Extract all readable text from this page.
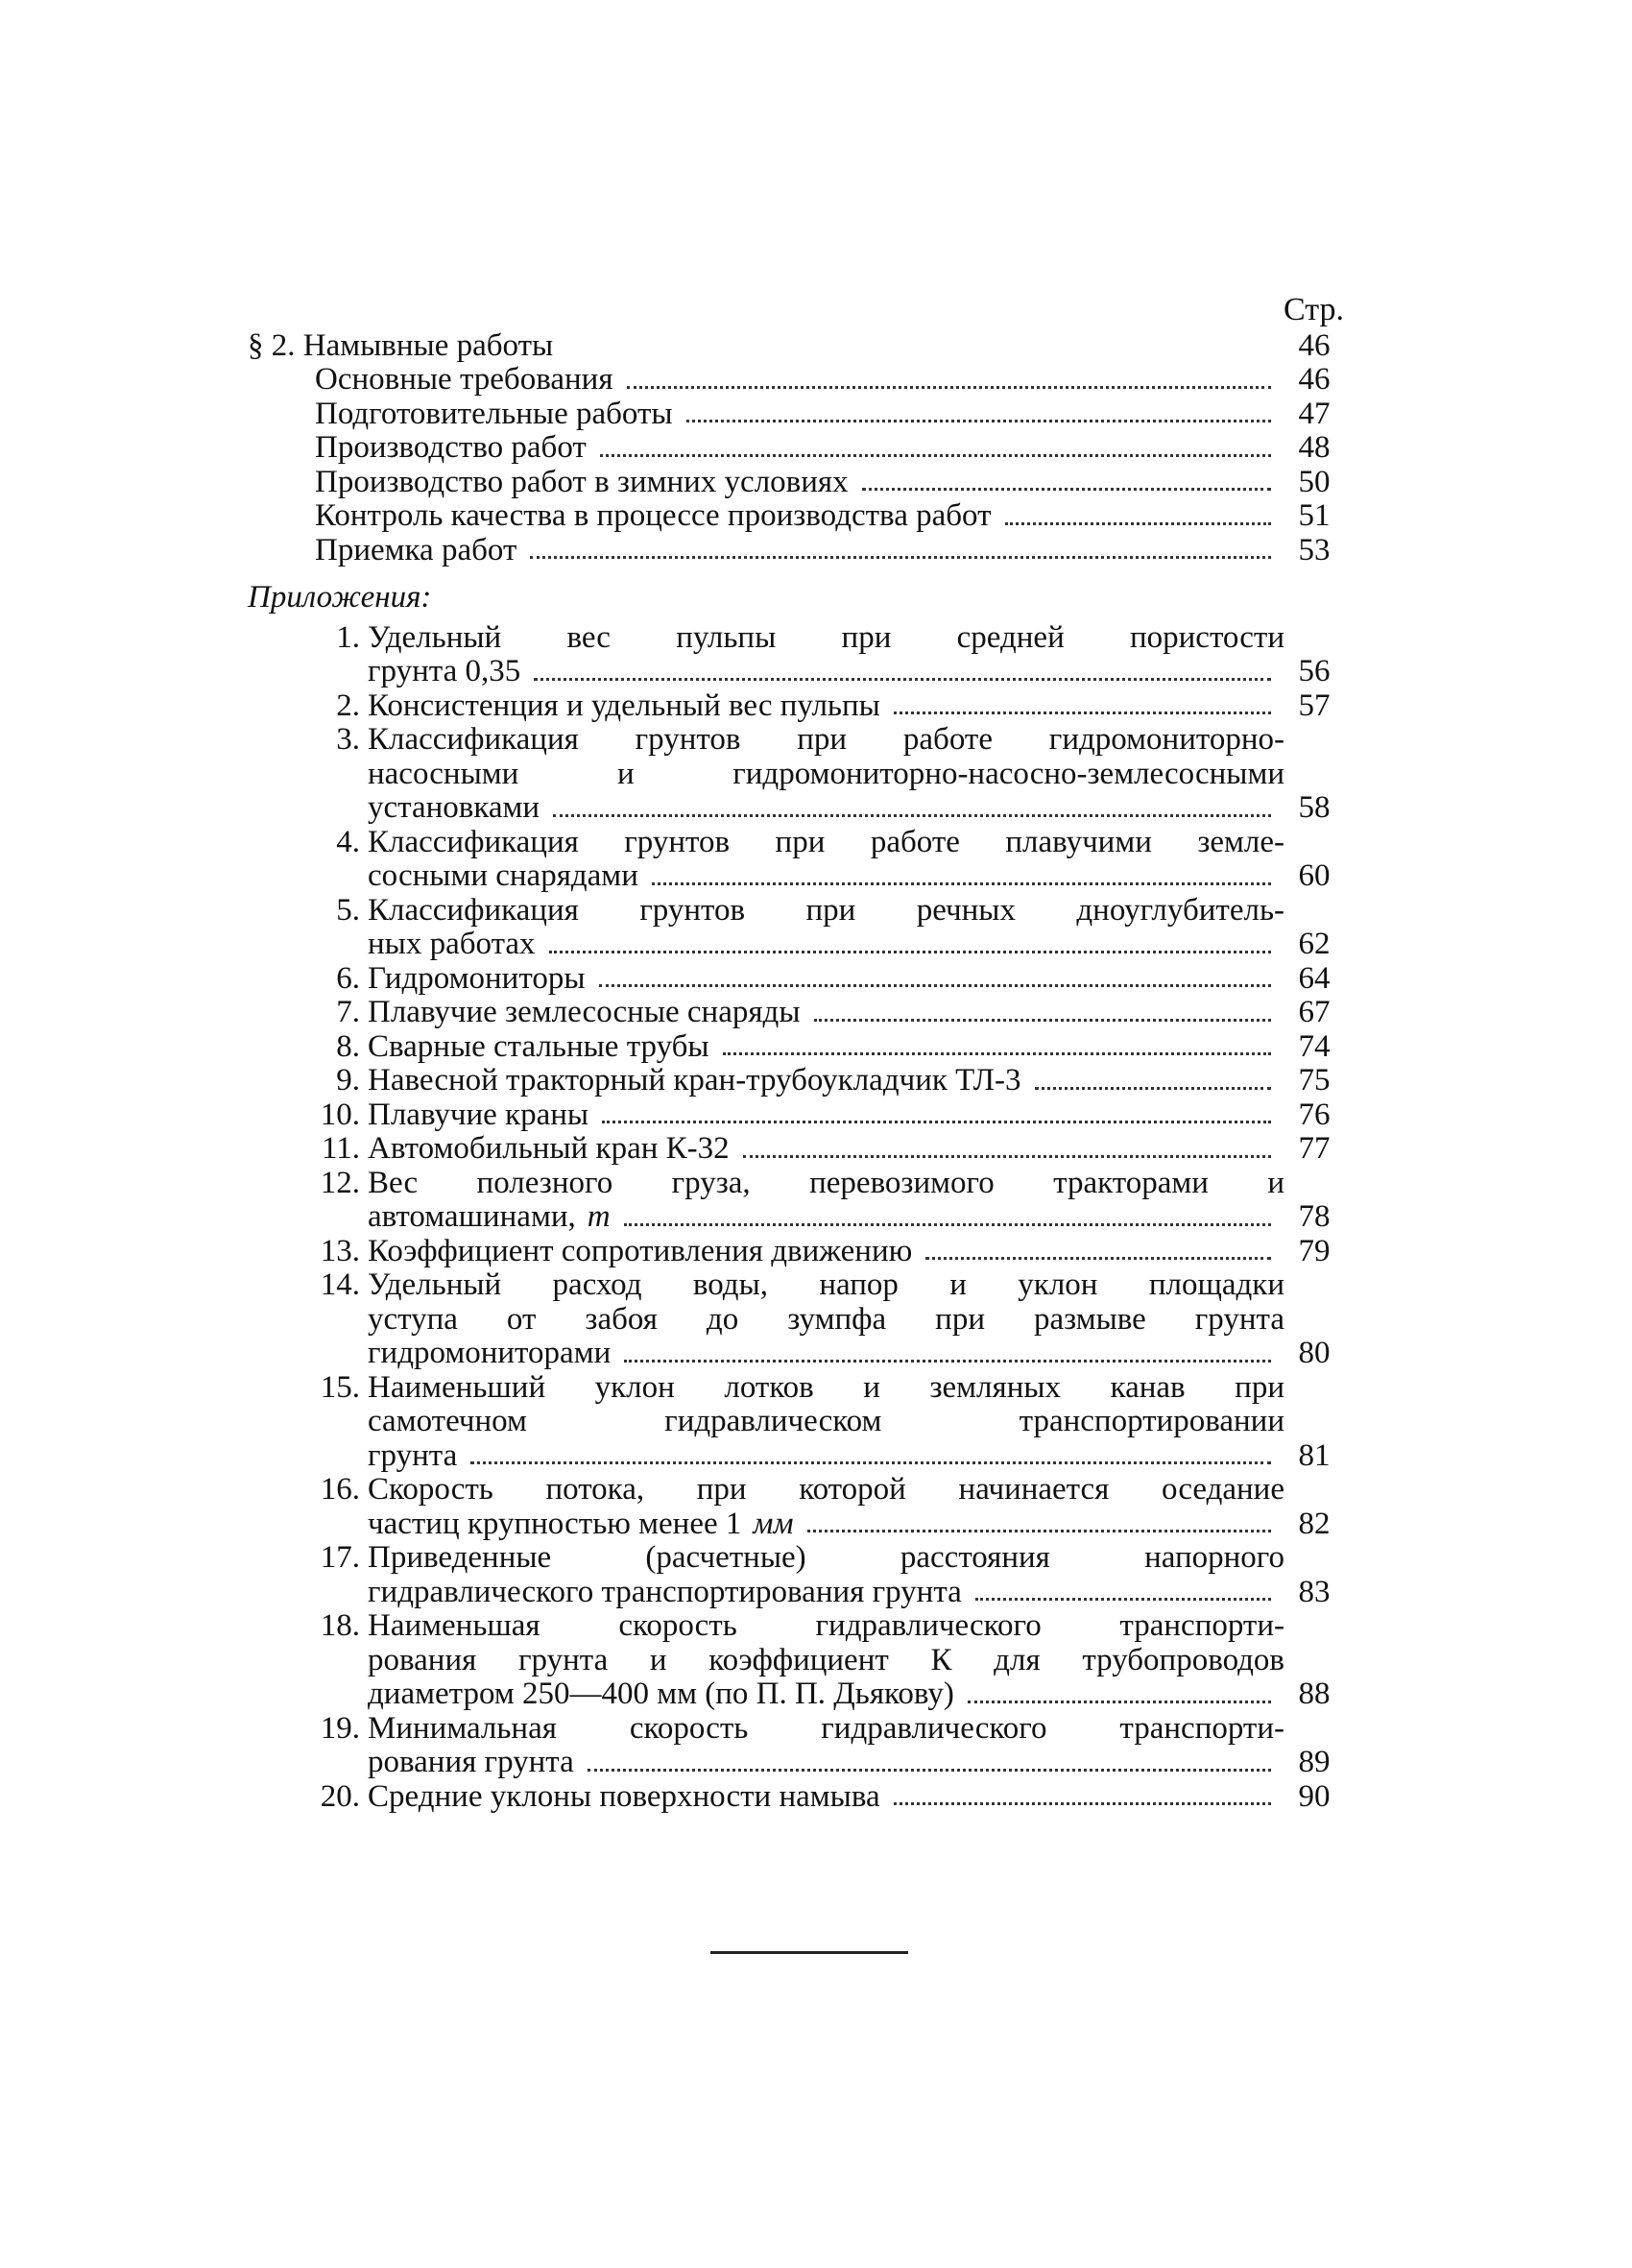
Стр.
§ 2. Намывные работы	46
Основные требования	46
Подготовительные работы	47
Производство работ	48
Производство работ в зимних условиях	50
Контроль качества в процессе производства работ	51
Приемка работ	53
Приложения:
1. Удельный вес пульпы при средней пористости
грунта 0,35	56
2. Консистенция и удельный вес пульпы	57
3. Классификация грунтов при работе гидромониторно-
насосными и гидромониторно-насосно-землесосными
установками	58
4. Классификация грунтов при работе плавучими земле-
сосными снарядами	60
5. Классификация грунтов при речных дноуглубитель-
ных работах	62
6. Гидромониторы	64
7. Плавучие землесосные снаряды	67
8. Сварные стальные трубы	74
9. Навесной тракторный кран-трубоукладчик ТЛ-3	75
10. Плавучие краны	76
11. Автомобильный кран К-32	77
12. Вес полезного груза, перевозимого тракторами и
автомашинами, т	78
13. Коэффициент сопротивления движению	79
14. Удельный расход воды, напор и уклон площадки
уступа от забоя до зумпфа при размыве грунта
гидромониторами	80
15. Наименьший уклон лотков и земляных канав при
самотечном гидравлическом транспортировании
грунта	81
16. Скорость потока, при которой начинается оседание
частиц крупностью менее 1 мм	82
17. Приведенные (расчетные) расстояния напорного
гидравлического транспортирования грунта	83
18. Наименьшая скорость гидравлического транспорти-
рования грунта и коэффициент К для трубопроводов
диаметром 250—400 мм (по П. П. Дьякову)	88
19. Минимальная скорость гидравлического транспорти-
рования грунта	89
20. Средние уклоны поверхности намыва	90
